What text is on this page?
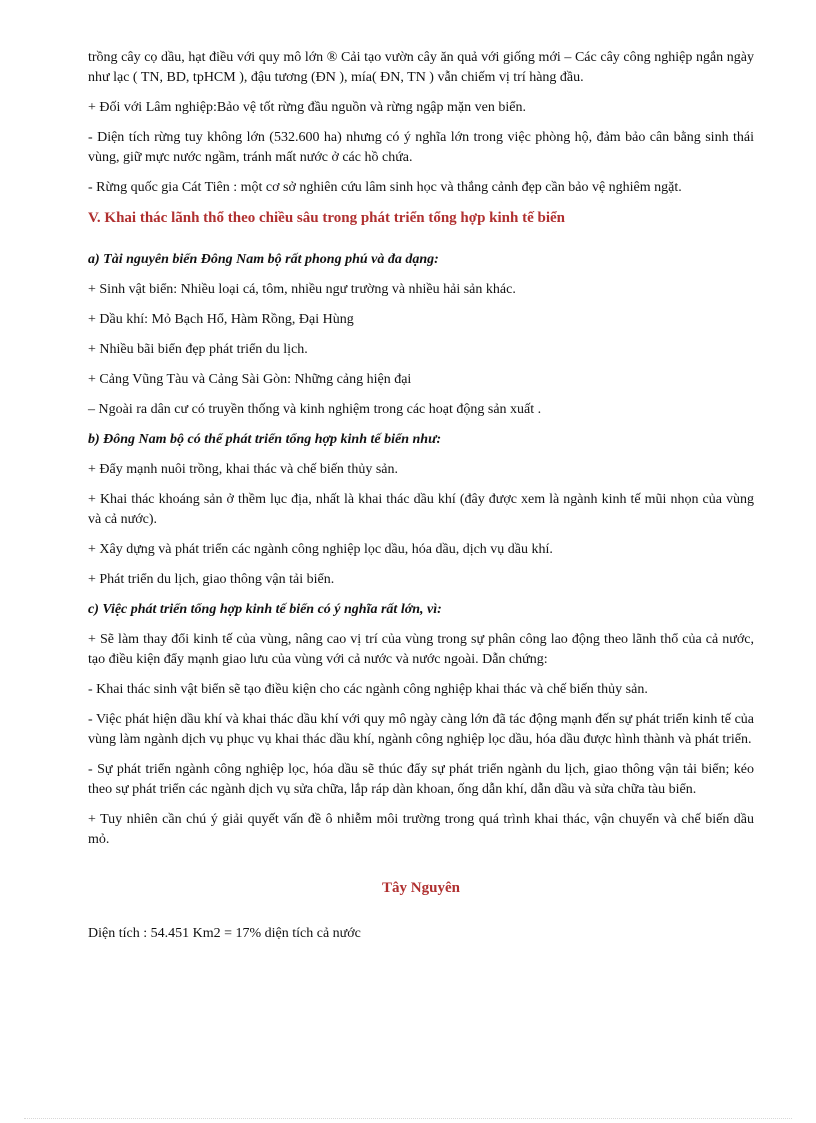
trồng cây cọ dầu, hạt điều với quy mô lớn ® Cải tạo vườn cây ăn quả với giống mới – Các cây công nghiệp ngắn ngày như lạc ( TN, BD, tpHCM ), đậu tương (ĐN ), mía( ĐN, TN ) vẫn chiếm vị trí hàng đầu.

+ Đối với Lâm nghiệp:Bảo vệ tốt rừng đầu nguồn và rừng ngập mặn ven biển.

- Diện tích rừng tuy không lớn (532.600 ha) nhưng có ý nghĩa lớn trong việc phòng hộ, đảm bảo cân bằng sinh thái vùng, giữ mực nước ngầm, tránh mất nước ở các hồ chứa.

- Rừng quốc gia Cát Tiên : một cơ sở nghiên cứu lâm sinh học và thắng cảnh đẹp cần bảo vệ nghiêm ngặt.

V. Khai thác lãnh thổ theo chiều sâu trong phát triển tổng hợp kinh tế biển

a) Tài nguyên biển Đông Nam bộ rất phong phú và đa dạng:

+ Sinh vật biển: Nhiều loại cá, tôm, nhiều ngư trường và nhiều hải sản khác.

+ Dầu khí: Mỏ Bạch Hổ, Hàm Rồng, Đại Hùng

+ Nhiều bãi biển đẹp phát triển du lịch.

+ Cảng Vũng Tàu và Cảng Sài Gòn: Những cảng hiện đại

– Ngoài ra dân cư có truyền thống và kinh nghiệm trong các hoạt động sản xuất .

b) Đông Nam bộ có thể phát triển tổng hợp kinh tế biển như:

+ Đẩy mạnh nuôi trồng, khai thác và chế biến thủy sản.

+ Khai thác khoáng sản ở thềm lục địa, nhất là khai thác dầu khí (đây được xem là ngành kinh tế mũi nhọn của vùng và cả nước).

+ Xây dựng và phát triển các ngành công nghiệp lọc dầu, hóa dầu, dịch vụ dầu khí.

+ Phát triển du lịch, giao thông vận tải biển.

c) Việc phát triển tổng hợp kinh tế biển có ý nghĩa rất lớn, vì:

+ Sẽ làm thay đổi kinh tế của vùng, nâng cao vị trí của vùng trong sự phân công lao động theo lãnh thổ của cả nước, tạo điều kiện đẩy mạnh giao lưu của vùng với cả nước và nước ngoài. Dẫn chứng:

- Khai thác sinh vật biển sẽ tạo điều kiện cho các ngành công nghiệp khai thác và chế biến thủy sản.

- Việc phát hiện dầu khí và khai thác dầu khí với quy mô ngày càng lớn đã tác động mạnh đến sự phát triển kinh tế của vùng làm ngành dịch vụ phục vụ khai thác dầu khí, ngành công nghiệp lọc dầu, hóa dầu được hình thành và phát triển.

- Sự phát triển ngành công nghiệp lọc, hóa dầu sẽ thúc đẩy sự phát triển ngành du lịch, giao thông vận tải biển; kéo theo sự phát triển các ngành dịch vụ sửa chữa, lắp ráp dàn khoan, ống dẫn khí, dẫn dầu và sửa chữa tàu biển.

+ Tuy nhiên cần chú ý giải quyết vấn đề ô nhiễm môi trường trong quá trình khai thác, vận chuyển và chế biến dầu mỏ.

Tây Nguyên

Diện tích : 54.451 Km2 = 17% diện tích cả nước
